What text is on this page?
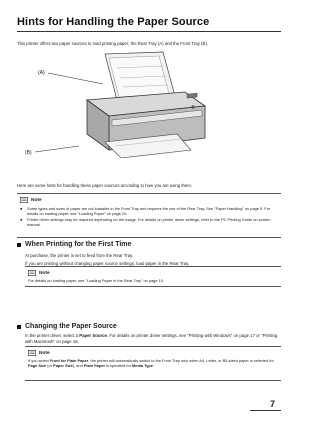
Hints for Handling the Paper Source
This printer offers two paper sources to load printing paper; the Rear Tray (A) and the Front Tray (B).
(A)
(B)
Here are some hints for handling these paper sources according to how you are using them.
Note
●	Some types and sizes of paper are not loadable in the Front Tray and requires the use of the Rear Tray. See "Paper Handling" on page 5. For details on loading paper, see "Loading Paper" on page 10.
●	Printer driver settings may be required depending on the usage. For details on printer driver settings, refer to the PC Printing Guide on-screen manual.
When Printing for the First Time
At purchase, the printer is set to feed from the Rear Tray.
If you are printing without changing paper source settings, load paper in the Rear Tray.
Note
For details on loading paper, see "Loading Paper in the Rear Tray" on page 10.
Changing the Paper Source
In the printer driver, select a Paper Source. For details on printer driver settings, see "Printing with Windows" on page 17 or "Printing with Macintosh" on page 18.
Note
If you select Front for Plain Paper, the printer will automatically switch to the Front Tray only when A4, Letter, or B5-sized paper is selected for Page Size (or Paper Size), and Plain Paper is specified for Media Type.
7
